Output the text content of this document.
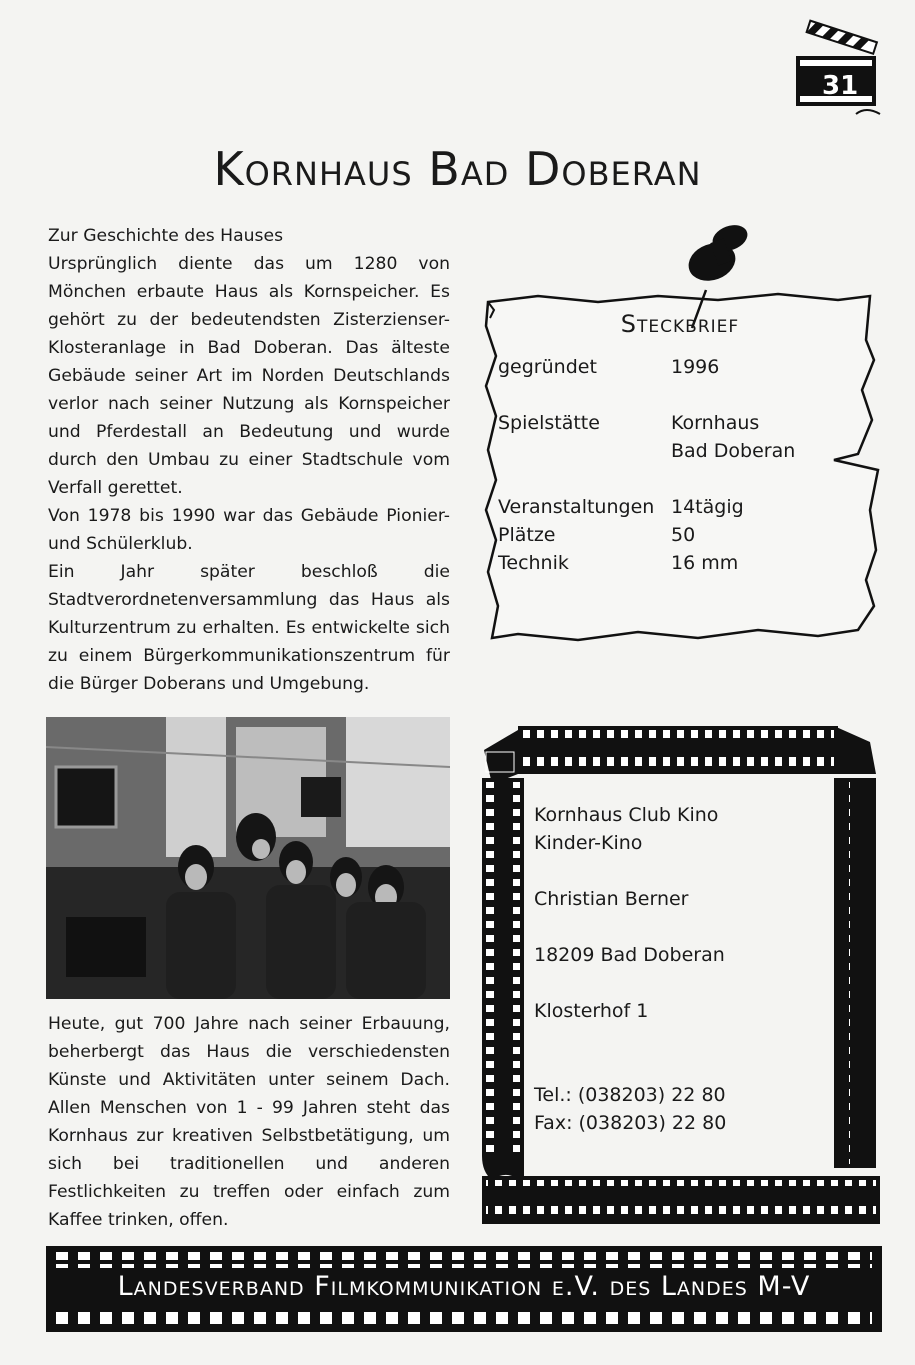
31
Kornhaus Bad Doberan

Zur Geschichte des Hauses

Ursprünglich diente das um 1280 von Mönchen erbaute Haus als Kornspeicher. Es gehört zu der bedeutendsten Zisterzienser-Klosteranlage in Bad Doberan. Das älteste Gebäude seiner Art im Norden Deutschlands verlor nach seiner Nutzung als Kornspeicher und Pferdestall an Bedeutung und wurde durch den Umbau zu einer Stadtschule vom Verfall gerettet.

Von 1978 bis 1990 war das Gebäude Pionier- und Schülerklub.

Ein Jahr später beschloß die Stadtverordnetenversammlung das Haus als Kulturzentrum zu erhalten. Es entwickelte sich zu einem Bürgerkommunikationszentrum für die Bürger Doberans und Umgebung.

Heute, gut 700 Jahre nach seiner Erbauung, beherbergt das Haus die verschiedensten Künste und Aktivitäten unter seinem Dach. Allen Menschen von 1 - 99 Jahren steht das Kornhaus zur kreativen Selbstbetätigung, um sich bei traditionellen und anderen Festlichkeiten zu treffen oder einfach zum Kaffee trinken, offen.
Steckbrief
gegründet	1996
Spielstätte	Kornhaus
Bad Doberan
Veranstaltungen 14tägig
Plätze	50
Technik	16 mm
Kornhaus Club Kino
Kinder-Kino
Christian Berner
18209 Bad Doberan
Klosterhof 1
Tel.: (038203) 22 80
Fax: (038203) 22 80
Landesverband Filmkommunikation e.V. des Landes M-V
